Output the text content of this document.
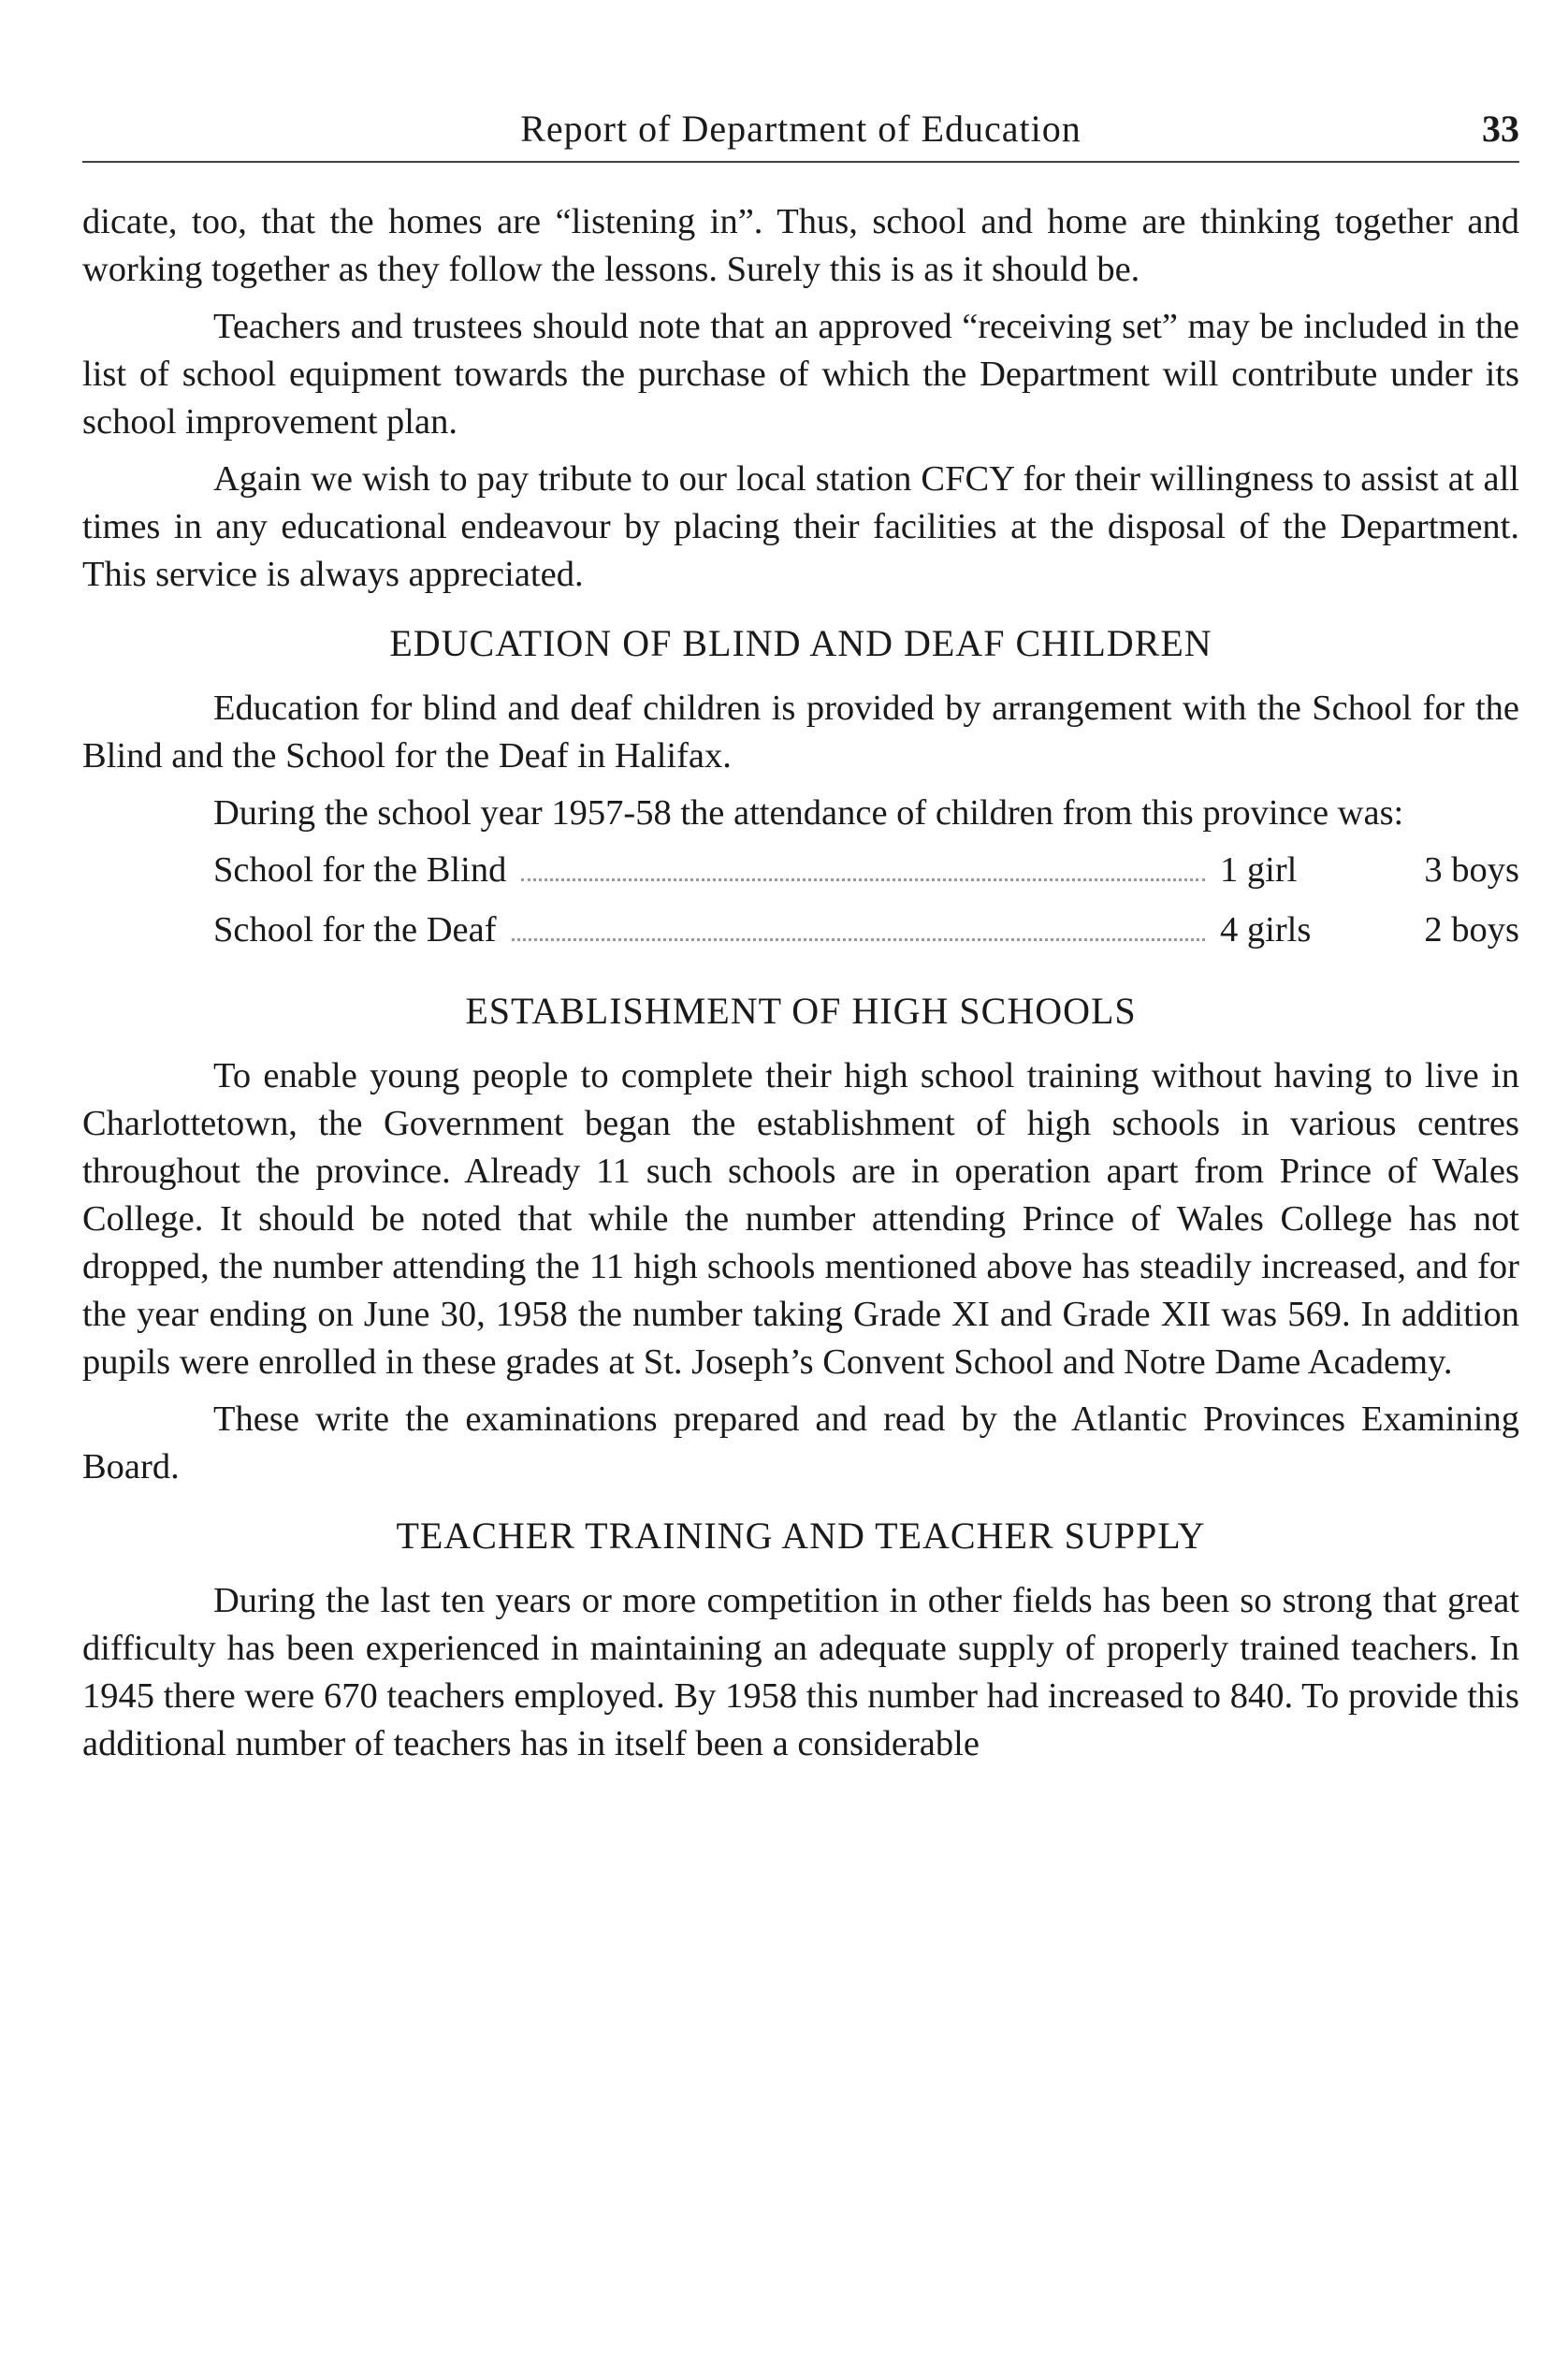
Report of Department of Education	33

dicate, too, that the homes are “listening in”. Thus, school and home are thinking together and working together as they follow the lessons. Surely this is as it should be.

Teachers and trustees should note that an approved “receiving set” may be included in the list of school equipment towards the purchase of which the Department will contribute under its school improvement plan.

Again we wish to pay tribute to our local station CFCY for their willingness to assist at all times in any educational endeavour by placing their facilities at the disposal of the Department. This service is always appreciated.

EDUCATION OF BLIND AND DEAF CHILDREN

Education for blind and deaf children is provided by arrangement with the School for the Blind and the School for the Deaf in Halifax.

During the school year 1957-58 the attendance of children from this province was:

School for the Blind	1 girl	3 boys
School for the Deaf	4 girls	2 boys
ESTABLISHMENT OF HIGH SCHOOLS

To enable young people to complete their high school training without having to live in Charlottetown, the Government began the establishment of high schools in various centres throughout the province. Already 11 such schools are in operation apart from Prince of Wales College. It should be noted that while the number attending Prince of Wales College has not dropped, the number attending the 11 high schools mentioned above has steadily increased, and for the year ending on June 30, 1958 the number taking Grade XI and Grade XII was 569. In addition pupils were enrolled in these grades at St. Joseph’s Convent School and Notre Dame Academy.

These write the examinations prepared and read by the Atlantic Provinces Examining Board.

TEACHER TRAINING AND TEACHER SUPPLY

During the last ten years or more competition in other fields has been so strong that great difficulty has been experienced in maintaining an adequate supply of properly trained teachers. In 1945 there were 670 teachers employed. By 1958 this number had increased to 840. To provide this additional number of teachers has in itself been a considerable
